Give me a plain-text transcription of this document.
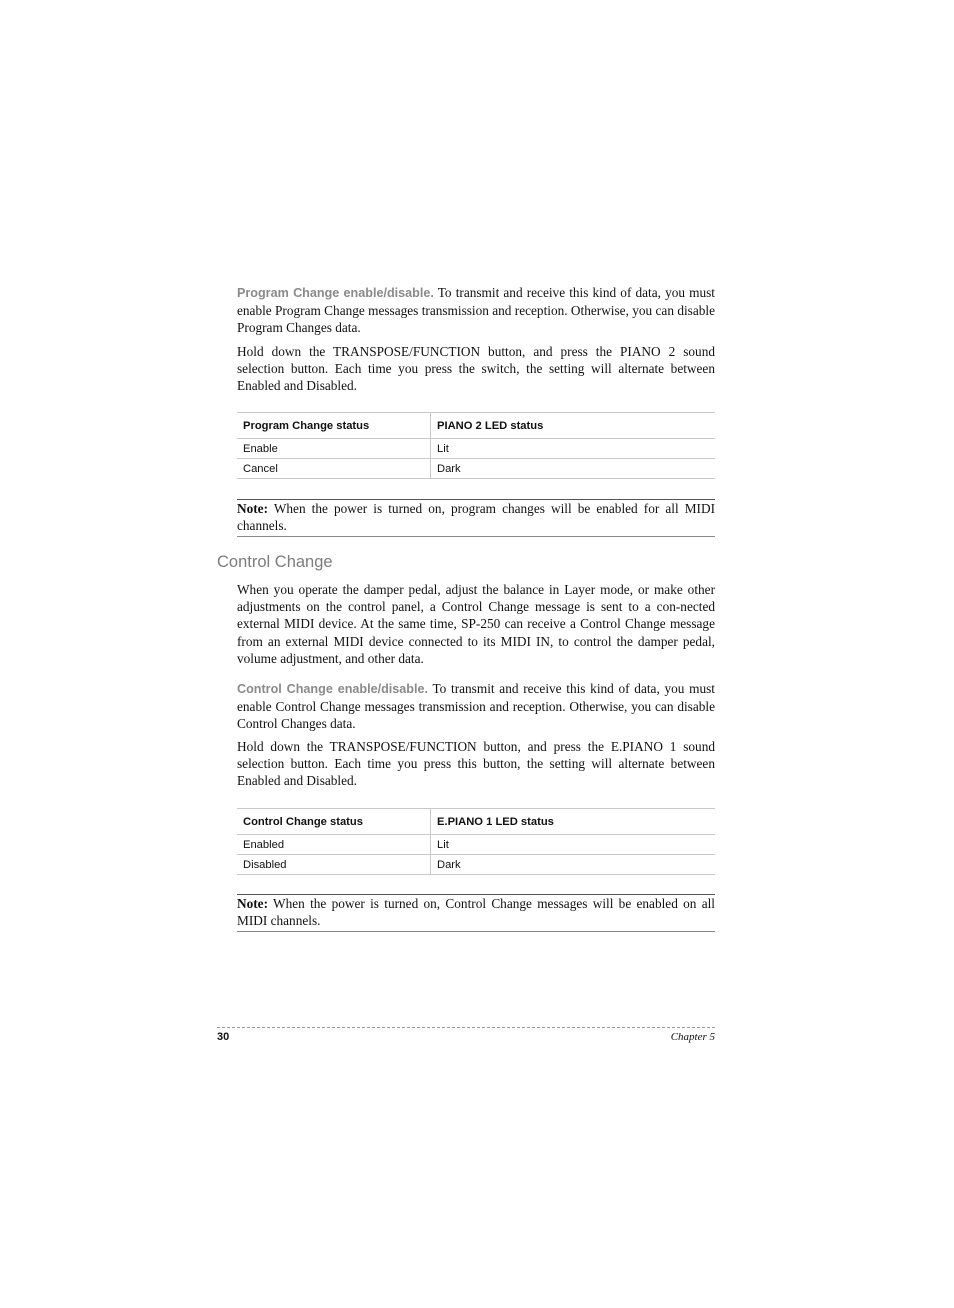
Program Change enable/disable. To transmit and receive this kind of data, you must enable Program Change messages transmission and reception. Otherwise, you can disable Program Changes data.

Hold down the TRANSPOSE/FUNCTION button, and press the PIANO 2 sound selection button. Each time you press the switch, the setting will alternate between Enabled and Disabled.

Program Change status	PIANO 2 LED status
Enable	Lit
Cancel	Dark
Note: When the power is turned on, program changes will be enabled for all MIDI channels.
Control Change

When you operate the damper pedal, adjust the balance in Layer mode, or make other adjustments on the control panel, a Control Change message is sent to a con-nected external MIDI device. At the same time, SP-250 can receive a Control Change message from an external MIDI device connected to its MIDI IN, to control the damper pedal, volume adjustment, and other data.

Control Change enable/disable. To transmit and receive this kind of data, you must enable Control Change messages transmission and reception. Otherwise, you can disable Control Changes data.

Hold down the TRANSPOSE/FUNCTION button, and press the E.PIANO 1 sound selection button. Each time you press this button, the setting will alternate between Enabled and Disabled.

Control Change status	E.PIANO 1 LED status
Enabled	Lit
Disabled	Dark
Note: When the power is turned on, Control Change messages will be enabled on all MIDI channels.
30	Chapter 5
